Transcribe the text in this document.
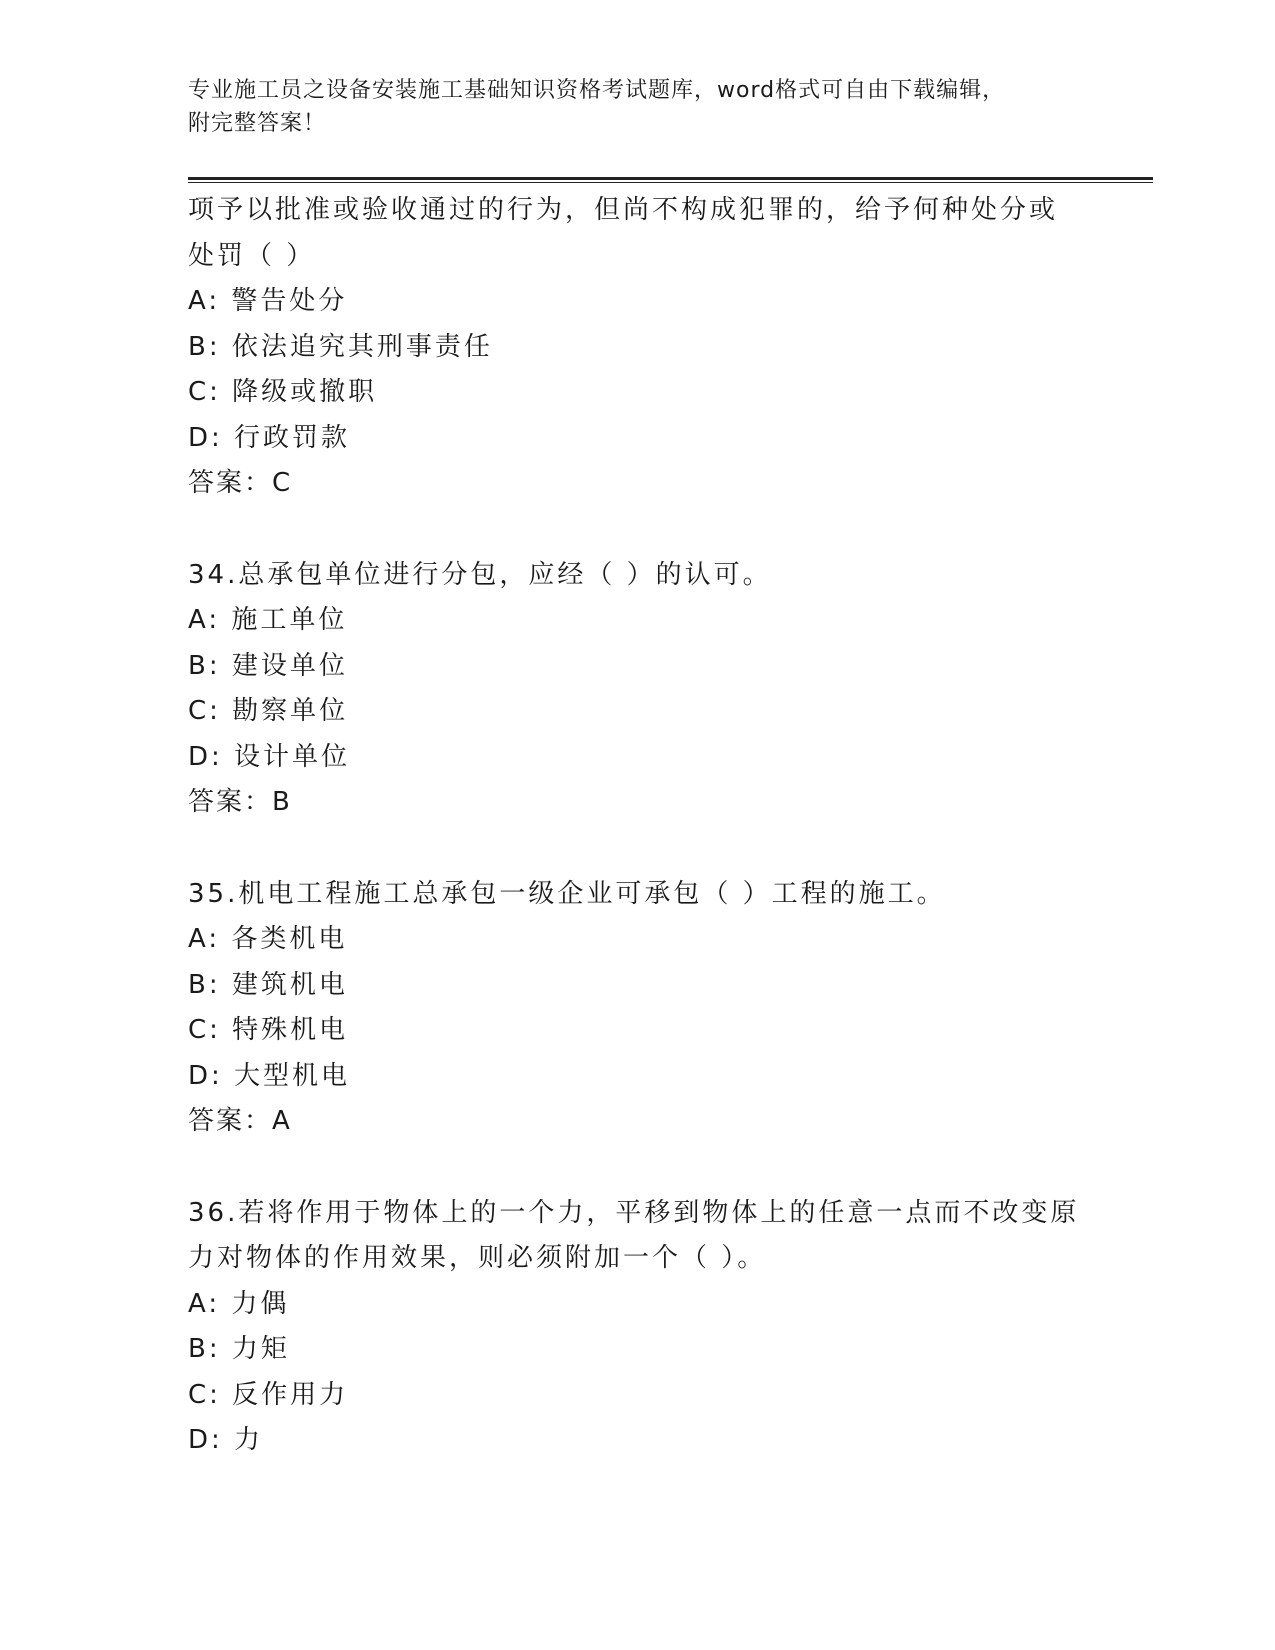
专业施工员之设备安装施工基础知识资格考试题库，word格式可自由下载编辑，
附完整答案！
项予以批准或验收通过的行为，但尚不构成犯罪的，给予何种处分或
处罚（ ）
A: 警告处分
B: 依法追究其刑事责任
C: 降级或撤职
D: 行政罚款
答案：C
34.总承包单位进行分包，应经（ ）的认可。
A: 施工单位
B: 建设单位
C: 勘察单位
D: 设计单位
答案：B
35.机电工程施工总承包一级企业可承包（ ）工程的施工。
A: 各类机电
B: 建筑机电
C: 特殊机电
D: 大型机电
答案：A
36.若将作用于物体上的一个力，平移到物体上的任意一点而不改变原
力对物体的作用效果，则必须附加一个（ ）。
A: 力偶
B: 力矩
C: 反作用力
D: 力
